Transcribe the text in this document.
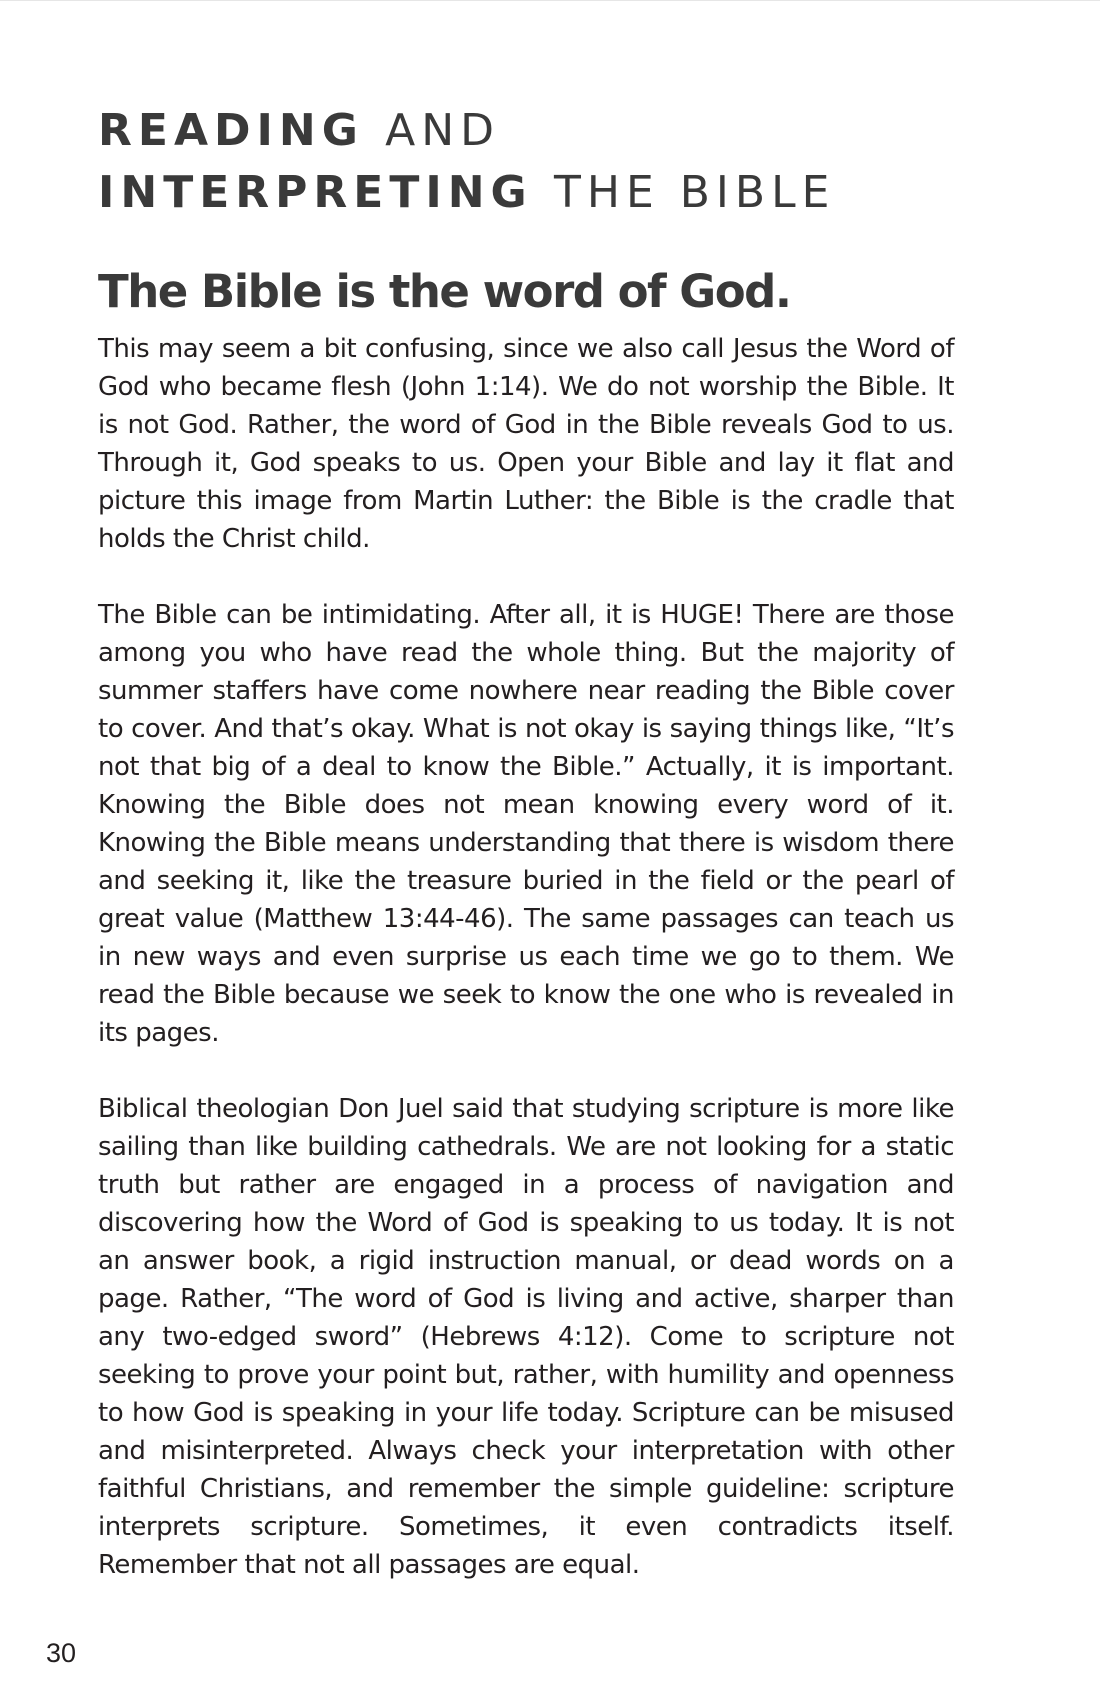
READING AND
INTERPRETING THE BIBLE
The Bible is the word of God.

This may seem a bit confusing, since we also call Jesus the Word of God who became flesh (John 1:14). We do not worship the Bible. It is not God. Rather, the word of God in the Bible reveals God to us. Through it, God speaks to us. Open your Bible and lay it flat and picture this image from Martin Luther: the Bible is the cradle that holds the Christ child.

The Bible can be intimidating. After all, it is HUGE! There are those among you who have read the whole thing. But the majority of summer staffers have come nowhere near reading the Bible cover to cover. And that’s okay. What is not okay is saying things like, “It’s not that big of a deal to know the Bible.” Actually, it is important. Knowing the Bible does not mean knowing every word of it. Knowing the Bible means understanding that there is wisdom there and seeking it, like the treasure buried in the field or the pearl of great value (Matthew 13:44-46). The same passages can teach us in new ways and even surprise us each time we go to them. We read the Bible because we seek to know the one who is revealed in its pages.

Biblical theologian Don Juel said that studying scripture is more like sailing than like building cathedrals. We are not looking for a static truth but rather are engaged in a process of navigation and discovering how the Word of God is speaking to us today. It is not an answer book, a rigid instruction manual, or dead words on a page. Rather, “The word of God is living and active, sharper than any two-edged sword” (Hebrews 4:12). Come to scripture not seeking to prove your point but, rather, with humility and openness to how God is speaking in your life today. Scripture can be misused and misinterpreted. Always check your interpretation with other faithful Christians, and remember the simple guideline: scripture interprets scripture. Sometimes, it even contradicts itself. Remember that not all passages are equal.

30
